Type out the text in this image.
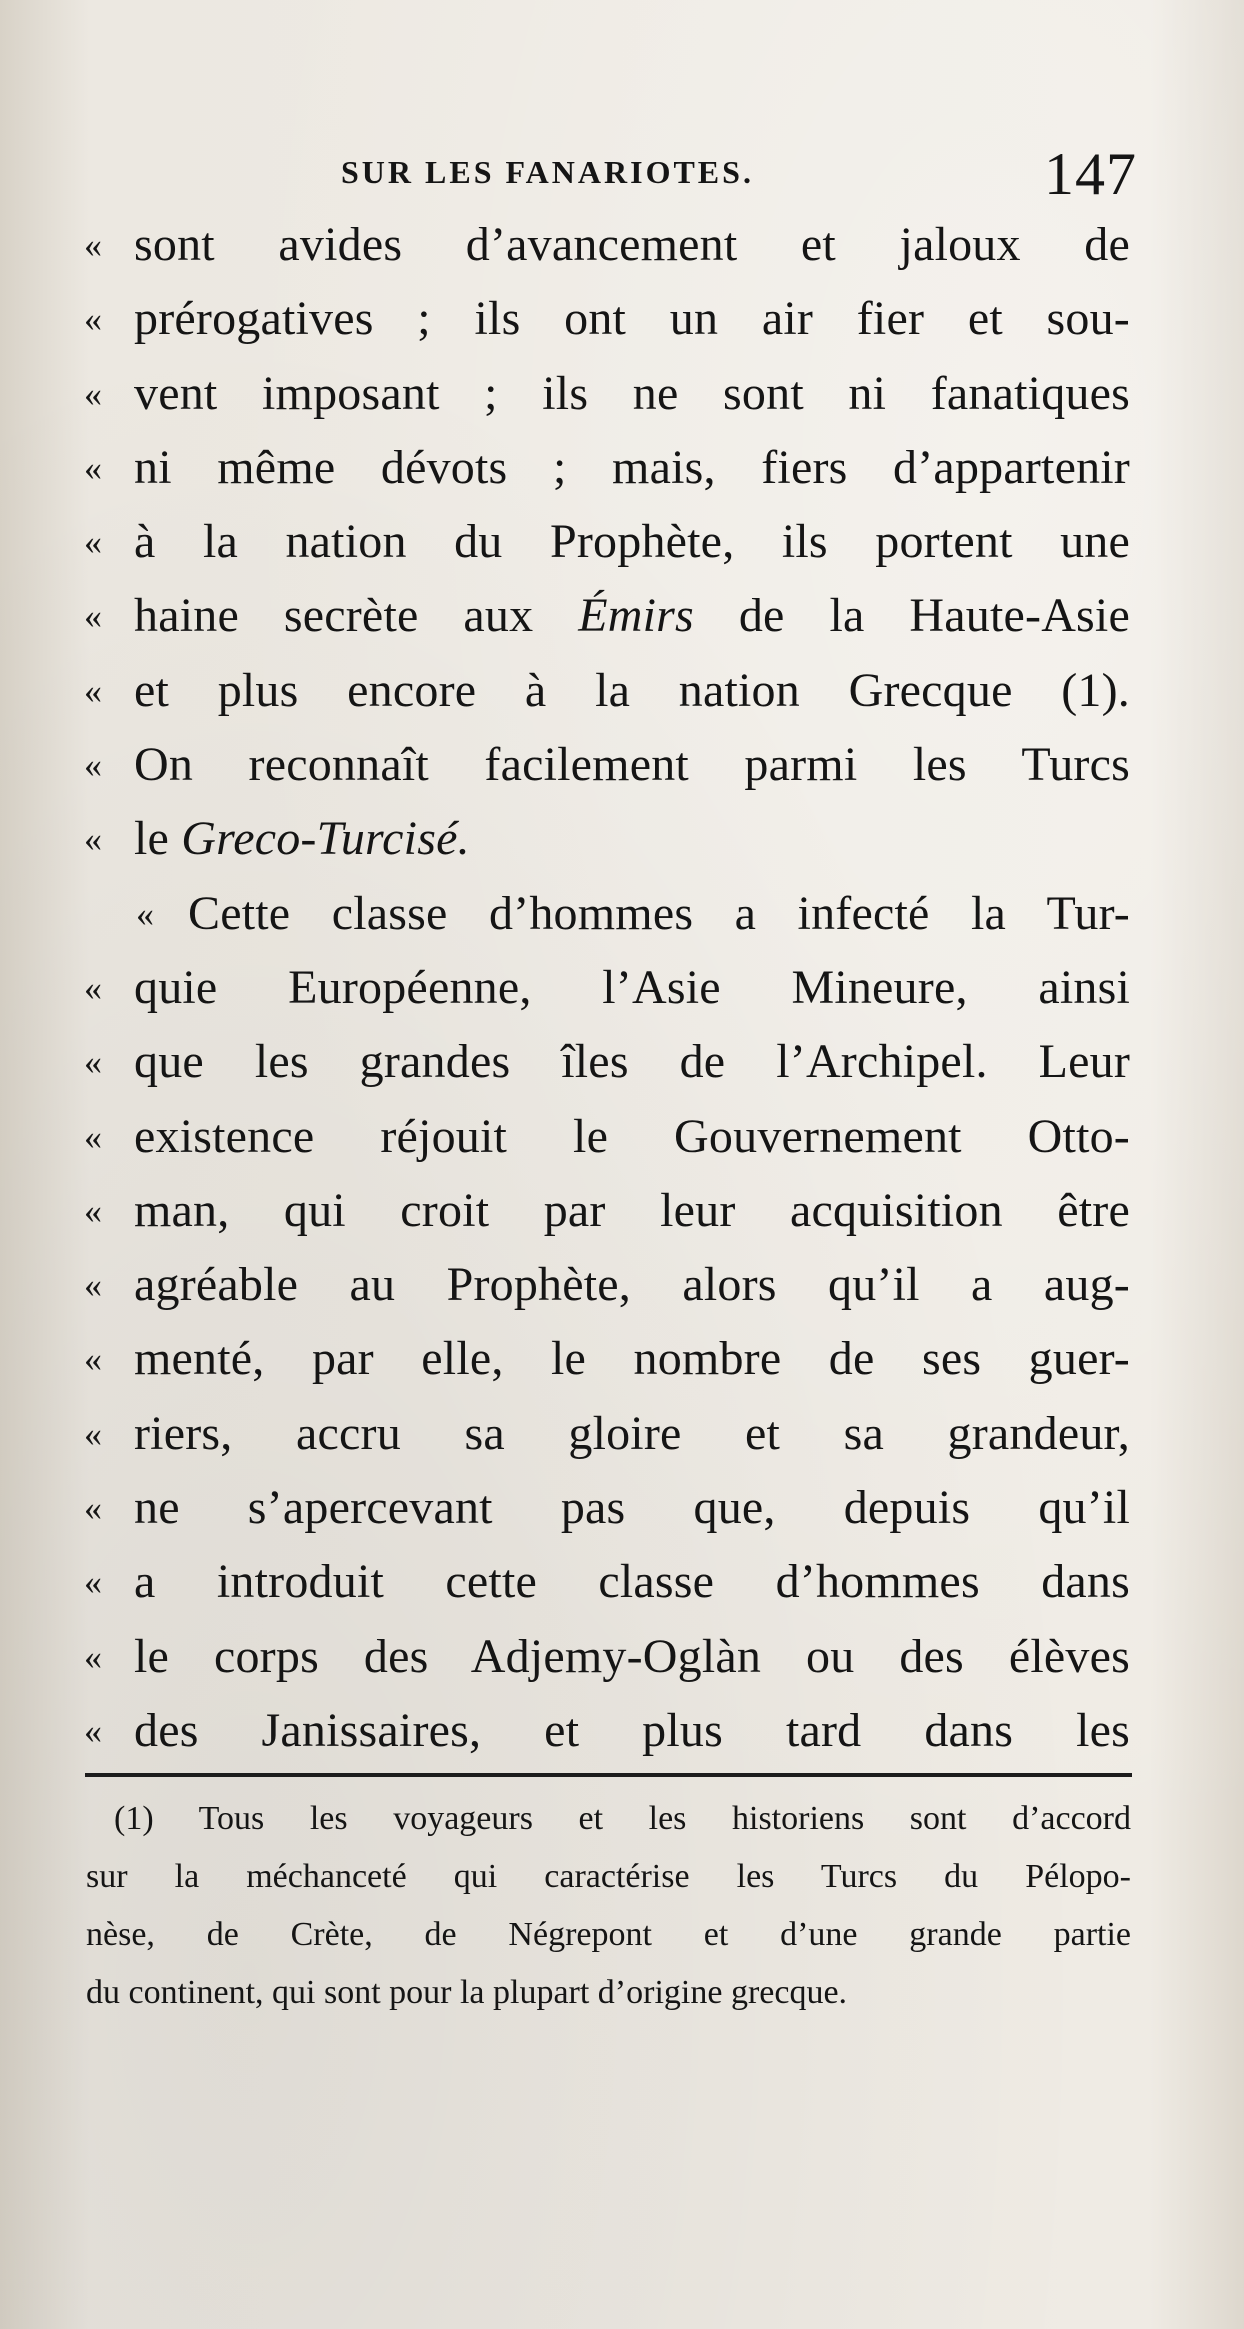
SUR LES FANARIOTES.	147
« sont avides d’avancement et jaloux de
« prérogatives ; ils ont un air fier et sou-
« vent imposant ; ils ne sont ni fanatiques
« ni même dévots ; mais, fiers d’appartenir
« à la nation du Prophète, ils portent une
« haine secrète aux Émirs de la Haute-Asie
« et plus encore à la nation Grecque (1).
« On reconnaît facilement parmi les Turcs
« le Greco-Turcisé.
« Cette classe d’hommes a infecté la Tur-
« quie Européenne, l’Asie Mineure, ainsi
« que les grandes îles de l’Archipel. Leur
« existence réjouit le Gouvernement Otto-
« man, qui croit par leur acquisition être
« agréable au Prophète, alors qu’il a aug-
« menté, par elle, le nombre de ses guer-
« riers, accru sa gloire et sa grandeur,
« ne s’apercevant pas que, depuis qu’il
« a introduit cette classe d’hommes dans
« le corps des Adjemy-Oglàn ou des élèves
« des Janissaires, et plus tard dans les
(1) Tous les voyageurs et les historiens sont d’accord
sur la méchanceté qui caractérise les Turcs du Pélopo-
nèse, de Crète, de Négrepont et d’une grande partie
du continent, qui sont pour la plupart d’origine grecque.
